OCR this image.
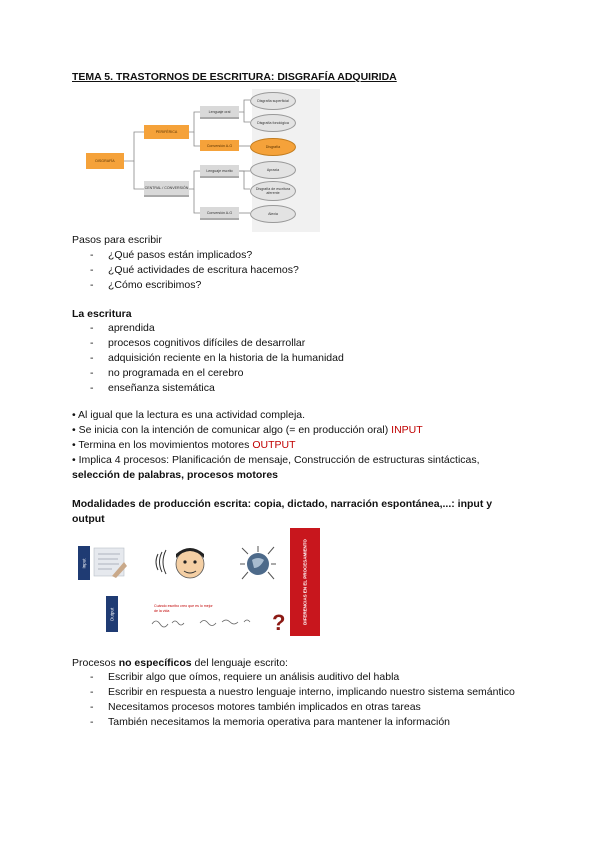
TEMA 5. TRASTORNOS DE ESCRITURA: DISGRAFÍA ADQUIRIDA
DISGRAFÍA
PERIFÉRICA
CENTRAL / CONVERSIÓN
Lenguaje oral
Conversión A-G
Lenguaje escrito
Conversión A-G
Disgrafía superficial
Disgrafía fonológica
Disgrafía
Apraxia
Disgrafía de escritura aferente
Alexia
Pasos para escribir
- ¿Qué pasos están implicados?
- ¿Qué actividades de escritura hacemos?
- ¿Cómo escribimos?
La escritura
- aprendida
- procesos cognitivos difíciles de desarrollar
- adquisición reciente en la historia de la humanidad
- no programada en el cerebro
- enseñanza sistemática
• Al igual que la lectura es una actividad compleja.
• Se inicia con la intención de comunicar algo (= en producción oral) INPUT
• Termina en los movimientos motores OUTPUT
• Implica 4 procesos: Planificación de mensaje, Construcción de estructuras sintácticas,
selección de palabras, procesos motores
Modalidades de producción escrita: copia, dictado, narración espontánea,...: input y
output
Input
Output	?
Cuándo escribo creo que es lo mejor
de la vida	DIFERENCIAS EN EL PROCESAMIENTO
Procesos no específicos del lenguaje escrito:
- Escribir algo que oímos, requiere un análisis auditivo del habla
- Escribir en respuesta a nuestro lenguaje interno, implicando nuestro sistema semántico
- Necesitamos procesos motores también implicados en otras tareas
- También necesitamos la memoria operativa para mantener la información
